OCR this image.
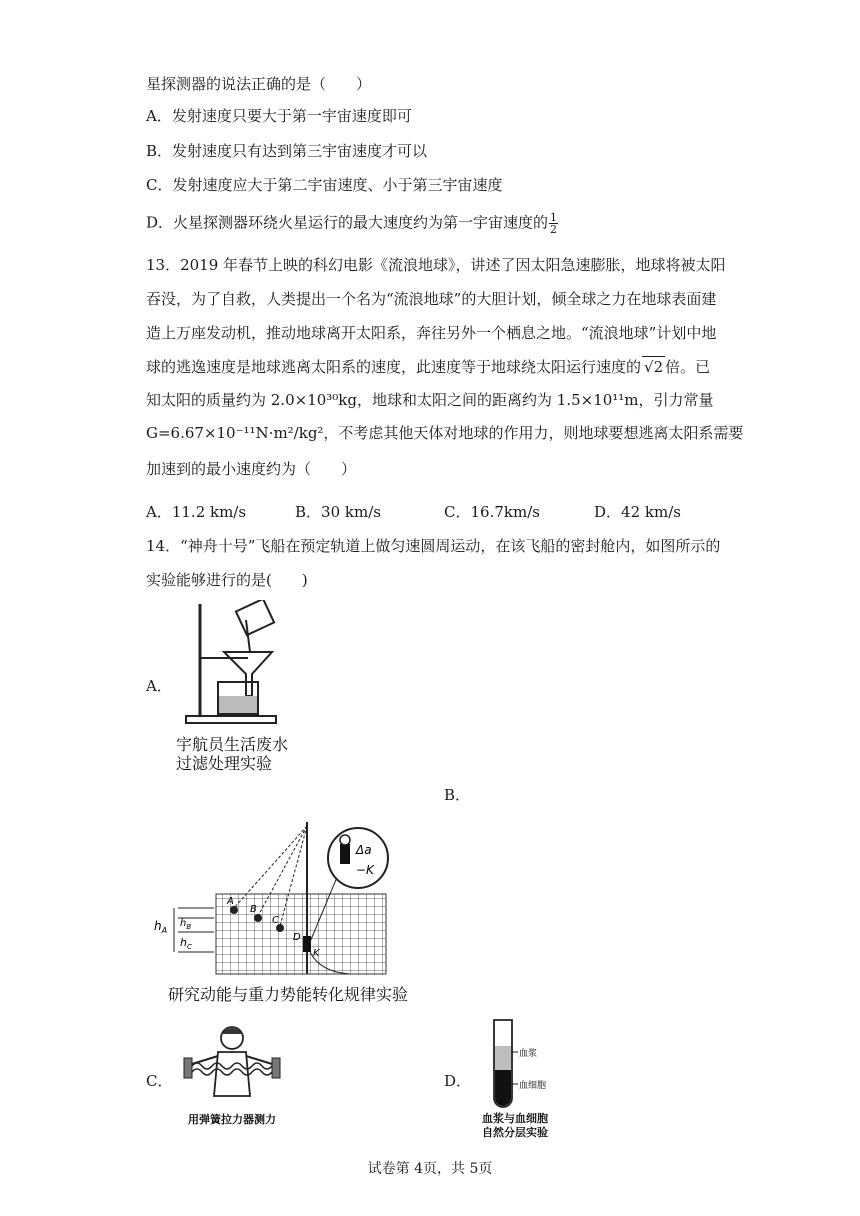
星探测器的说法正确的是（　　）
A．发射速度只要大于第一宇宙速度即可
B．发射速度只有达到第三宇宙速度才可以
C．发射速度应大于第二宇宙速度、小于第三宇宙速度
D．火星探测器环绕火星运行的最大速度约为第一宇宙速度的 $\frac{1}{2}$
13．2019 年春节上映的科幻电影《流浪地球》，讲述了因太阳急速膨胀，地球将被太阳
吞没，为了自救，人类提出一个名为“流浪地球”的大胆计划，倾全球之力在地球表面建
造上万座发动机，推动地球离开太阳系，奔往另外一个栖息之地。“流浪地球”计划中地
球的逃逸速度是地球逃离太阳系的速度，此速度等于地球绕太阳运行速度的 √2 倍。已
知太阳的质量约为 2.0×10³⁰kg，地球和太阳之间的距离约为 1.5×10¹¹m，引力常量
G=6.67×10⁻¹¹N·m²/kg²，不考虑其他天体对地球的作用力，则地球要想逃离太阳系需要
加速到的最小速度约为（　　）
A．11.2 km/s	B．30 km/s	C．16.7km/s	D．42 km/s
14．“神舟十号”飞船在预定轨道上做匀速圆周运动，在该飞船的密封舱内，如图所示的
实验能够进行的是(　　)
A．
宇航员生活废水
过滤处理实验
B．
A
B
C
D
K
Δa
−K
$h_A$
$h_B$
$h_C$
研究动能与重力势能转化规律实验
C．
用弹簧拉力器测力
D．
血浆
血细胞
血浆与血细胞
自然分层实验
试卷第 4页，共 5页
